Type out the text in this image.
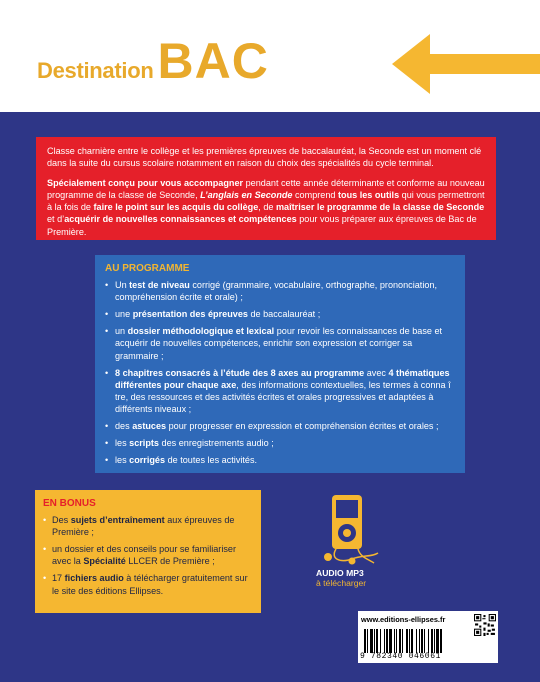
DestinationBAC

Classe charnière entre le collège et les premières épreuves de baccalauréat, la Seconde est un moment clé dans la suite du cursus scolaire notamment en raison du choix des spécialités du cycle terminal.

Spécialement conçu pour vous accompagner pendant cette année déterminante et conforme au nouveau programme de la classe de Seconde, L’anglais en Seconde comprend tous les outils qui vous permettront à la fois de faire le point sur les acquis du collège, de maîtriser le programme de la classe de Seconde et d’acquérir de nouvelles connaissances et compétences pour vous préparer aux épreuves de Bac de Première.

AU PROGRAMME
• Un test de niveau corrigé (grammaire, vocabulaire, orthographe, prononciation, compréhension écrite et orale) ;
• une présentation des épreuves de baccalauréat ;
• un dossier méthodologique et lexical pour revoir les connaissances de base et acquérir de nouvelles compétences, enrichir son expression et corriger sa grammaire ;
• 8 chapitres consacrés à l’étude des 8 axes au programme avec 4 thématiques différentes pour chaque axe, des informations contextuelles, les termes à conna î tre, des ressources et des activités écrites et orales progressives et adaptées à différents niveaux ;
• des astuces pour progresser en expression et compréhension écrites et orales ;
• les scripts des enregistrements audio ;
• les corrigés de toutes les activités.
EN BONUS
• Des sujets d’entraînement aux épreuves de Première ;
• un dossier et des conseils pour se familiariser avec la Spécialité LLCER de Première ;
• 17 fichiers audio à télécharger gratuitement sur le site des éditions Ellipses.
AUDIO MP3
à télécharger
www.editions-ellipses.fr
9 782340 046061
